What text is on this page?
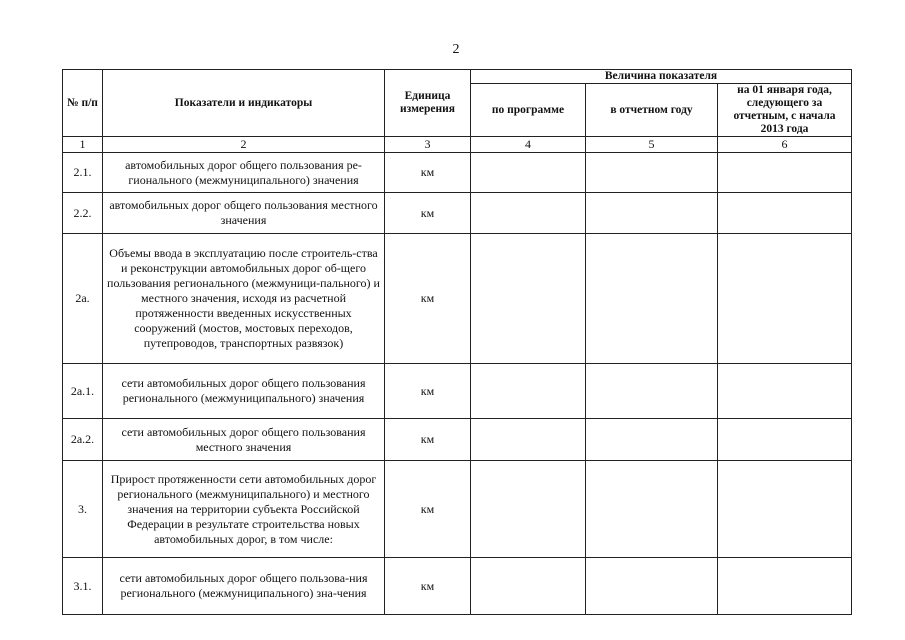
2
№ п/п	Показатели и индикаторы	Единица измерения	Величина показателя		
			по программе	в отчетном году	на 01 января года, следующего за отчетным, с начала 2013 года
1	2	3	4	5	6
2.1.	автомобильных дорог общего пользования ре-гионального (межмуниципального) значения	км			
2.2.	автомобильных дорог общего пользования местного значения	км			
2а.	Объемы ввода в эксплуатацию после строитель-ства и реконструкции автомобильных дорог об-щего пользования регионального (межмуници-пального) и местного значения, исходя из расчетной протяженности введенных искусственных сооружений (мостов, мостовых переходов, путепроводов, транспортных развязок)	км			
2а.1.	сети автомобильных дорог общего пользования регионального (межмуниципального) значения	км			
2а.2.	сети автомобильных дорог общего пользования местного значения	км			
3.	Прирост протяженности сети автомобильных дорог регионального (межмуниципального) и местного значения на территории субъекта Российской Федерации в результате строительства новых автомобильных дорог, в том числе:	км			
3.1.	сети автомобильных дорог общего пользова-ния регионального (межмуниципального) зна-чения	км			
